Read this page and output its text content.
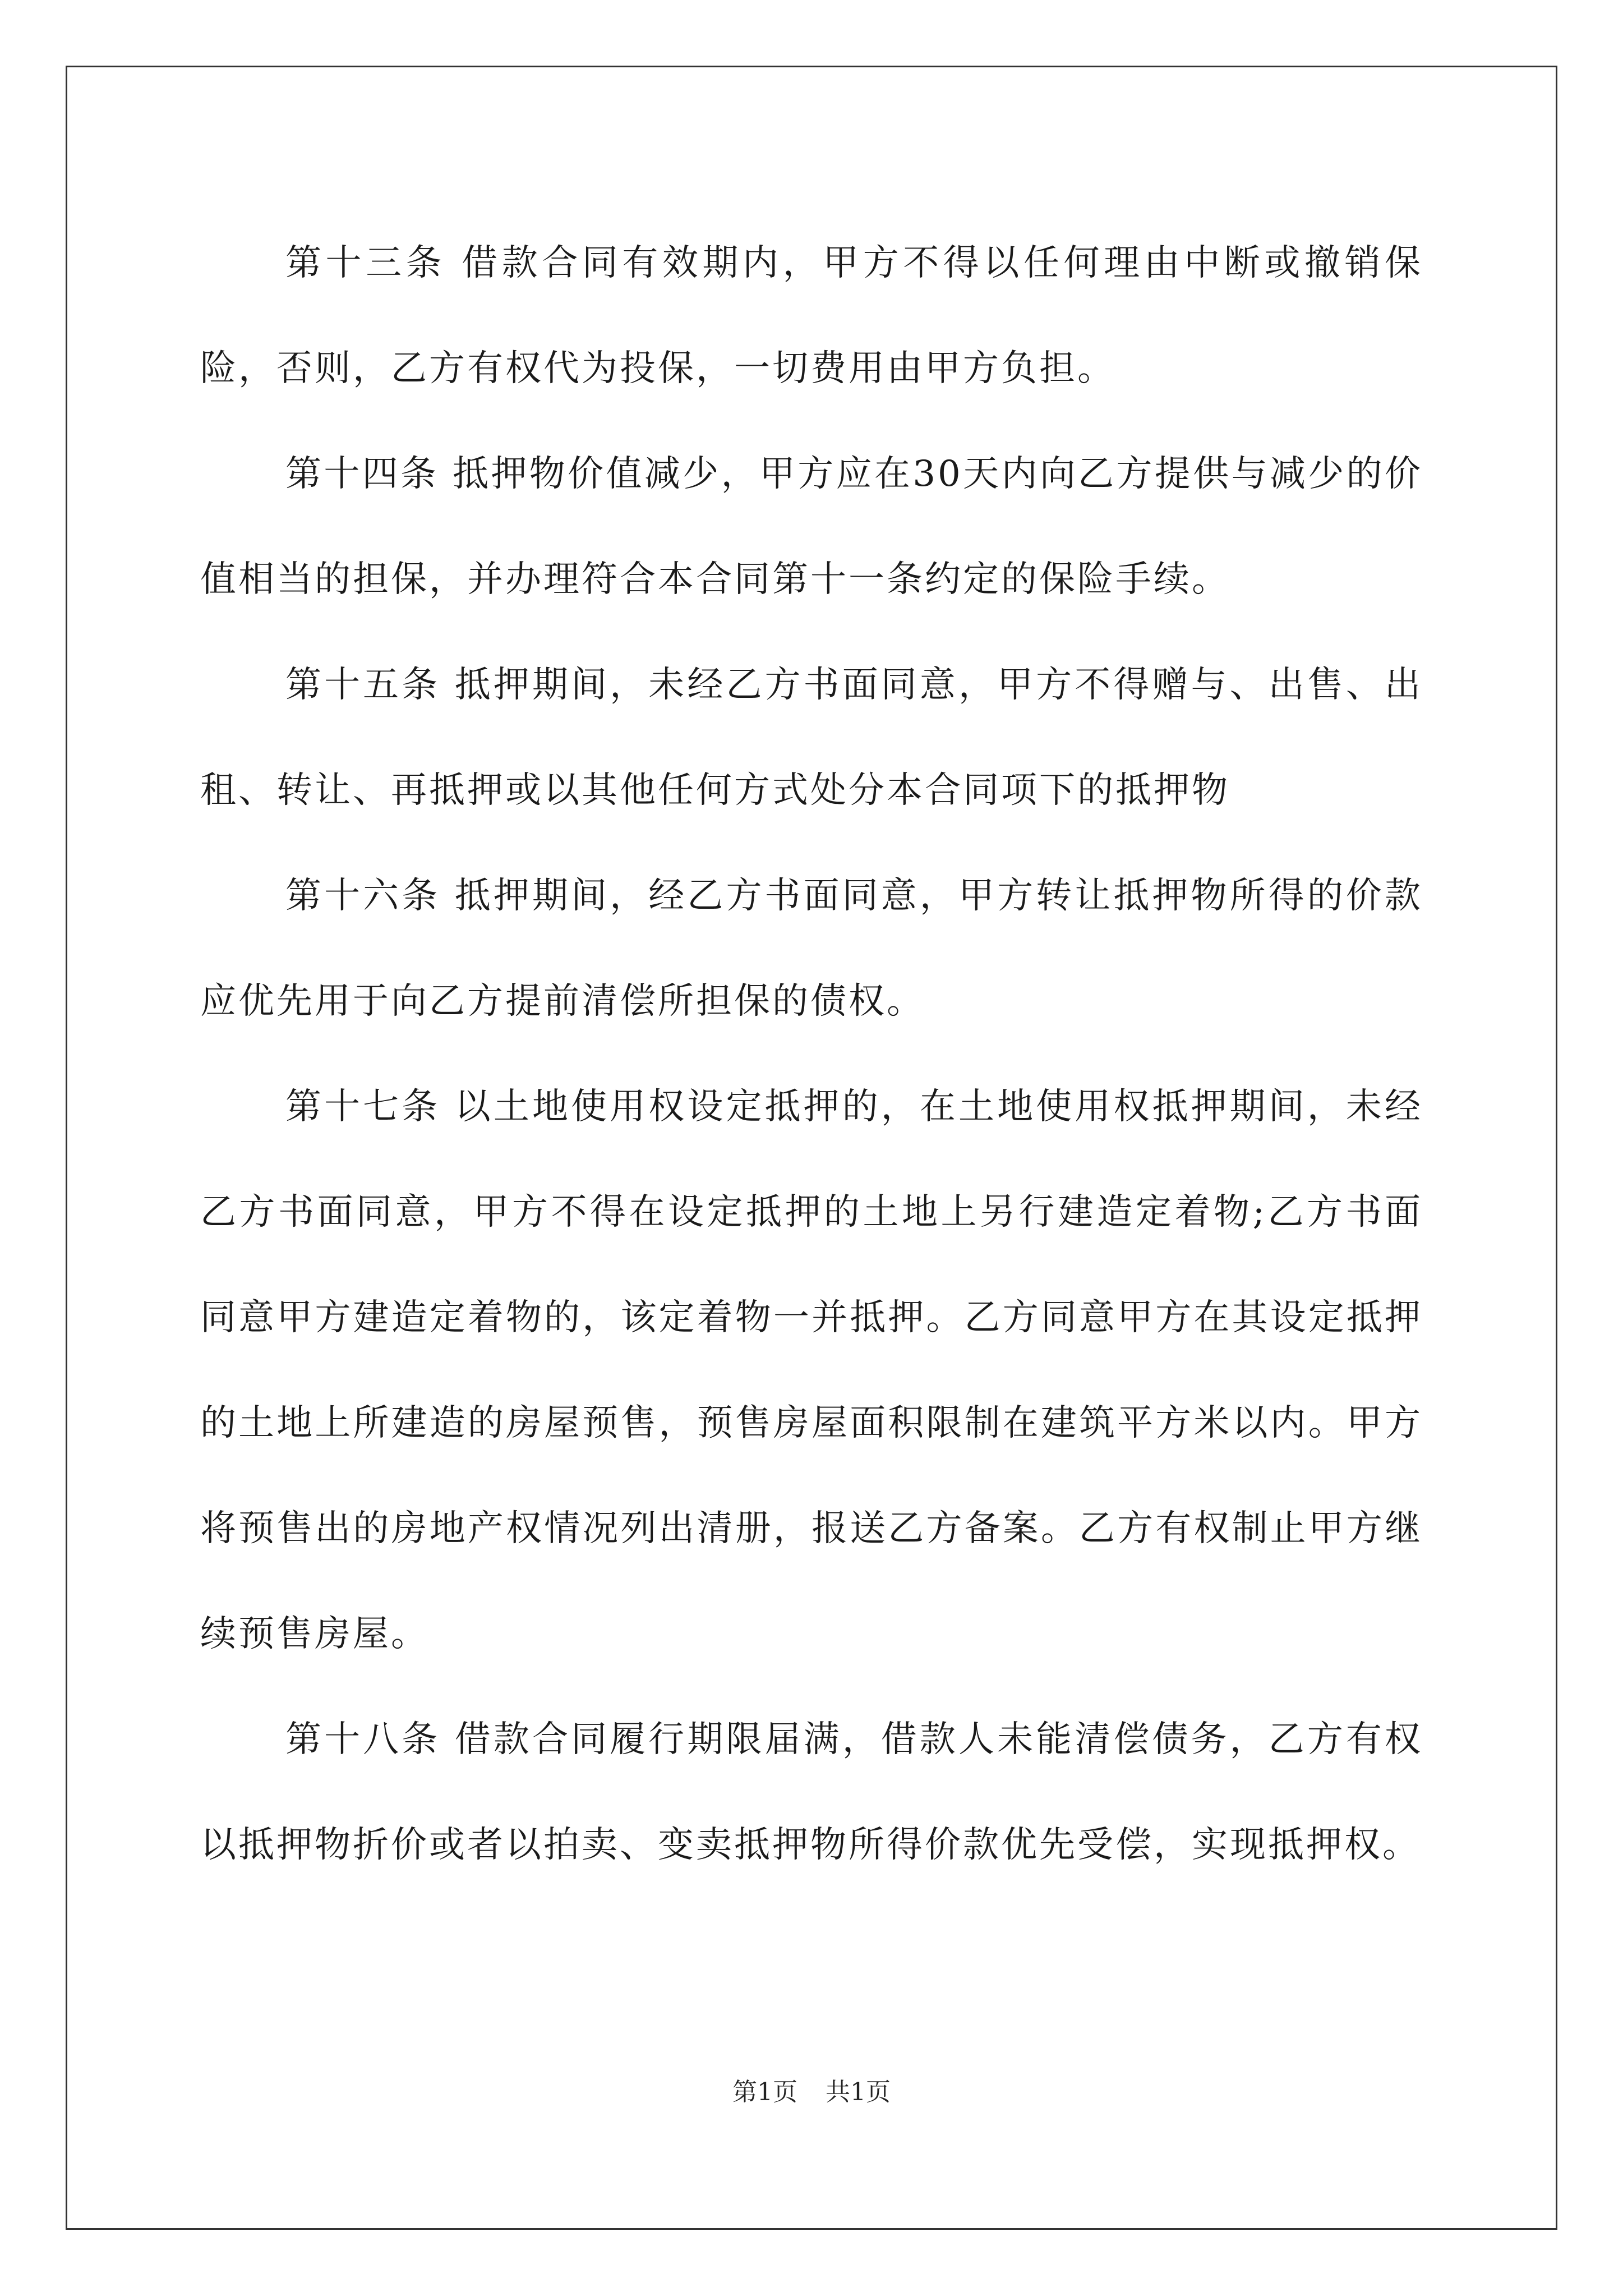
第十三条 借款合同有效期内，甲方不得以任何理由中断或撤销保险，否则，乙方有权代为投保，一切费用由甲方负担。

第十四条 抵押物价值减少，甲方应在30天内向乙方提供与减少的价值相当的担保，并办理符合本合同第十一条约定的保险手续。

第十五条 抵押期间，未经乙方书面同意，甲方不得赠与、出售、出租、转让、再抵押或以其他任何方式处分本合同项下的抵押物

第十六条 抵押期间，经乙方书面同意，甲方转让抵押物所得的价款应优先用于向乙方提前清偿所担保的债权。

第十七条 以土地使用权设定抵押的，在土地使用权抵押期间，未经乙方书面同意，甲方不得在设定抵押的土地上另行建造定着物;乙方书面同意甲方建造定着物的，该定着物一并抵押。乙方同意甲方在其设定抵押的土地上所建造的房屋预售，预售房屋面积限制在建筑平方米以内。甲方将预售出的房地产权情况列出清册，报送乙方备案。乙方有权制止甲方继续预售房屋。

第十八条 借款合同履行期限届满，借款人未能清偿债务，乙方有权以抵押物折价或者以拍卖、变卖抵押物所得价款优先受偿，实现抵押权。

第1页 共1页
